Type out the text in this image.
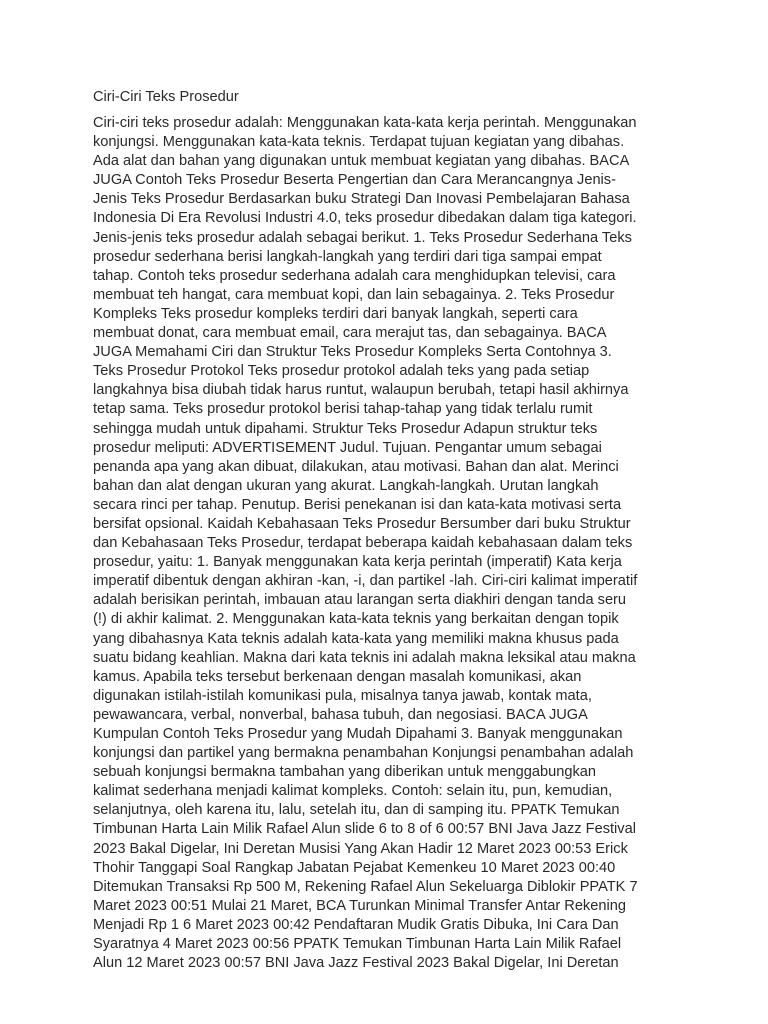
Ciri-Ciri Teks Prosedur
Ciri-ciri teks prosedur adalah: Menggunakan kata-kata kerja perintah. Menggunakan
konjungsi. Menggunakan kata-kata teknis. Terdapat tujuan kegiatan yang dibahas.
Ada alat dan bahan yang digunakan untuk membuat kegiatan yang dibahas. BACA
JUGA Contoh Teks Prosedur Beserta Pengertian dan Cara Merancangnya Jenis-
Jenis Teks Prosedur Berdasarkan buku Strategi Dan Inovasi Pembelajaran Bahasa
Indonesia Di Era Revolusi Industri 4.0, teks prosedur dibedakan dalam tiga kategori.
Jenis-jenis teks prosedur adalah sebagai berikut. 1. Teks Prosedur Sederhana Teks
prosedur sederhana berisi langkah-langkah yang terdiri dari tiga sampai empat
tahap. Contoh teks prosedur sederhana adalah cara menghidupkan televisi, cara
membuat teh hangat, cara membuat kopi, dan lain sebagainya. 2. Teks Prosedur
Kompleks Teks prosedur kompleks terdiri dari banyak langkah, seperti cara
membuat donat, cara membuat email, cara merajut tas, dan sebagainya. BACA
JUGA Memahami Ciri dan Struktur Teks Prosedur Kompleks Serta Contohnya 3.
Teks Prosedur Protokol Teks prosedur protokol adalah teks yang pada setiap
langkahnya bisa diubah tidak harus runtut, walaupun berubah, tetapi hasil akhirnya
tetap sama. Teks prosedur protokol berisi tahap-tahap yang tidak terlalu rumit
sehingga mudah untuk dipahami. Struktur Teks Prosedur Adapun struktur teks
prosedur meliputi: ADVERTISEMENT Judul. Tujuan. Pengantar umum sebagai
penanda apa yang akan dibuat, dilakukan, atau motivasi. Bahan dan alat. Merinci
bahan dan alat dengan ukuran yang akurat. Langkah-langkah. Urutan langkah
secara rinci per tahap. Penutup. Berisi penekanan isi dan kata-kata motivasi serta
bersifat opsional. Kaidah Kebahasaan Teks Prosedur Bersumber dari buku Struktur
dan Kebahasaan Teks Prosedur, terdapat beberapa kaidah kebahasaan dalam teks
prosedur, yaitu: 1. Banyak menggunakan kata kerja perintah (imperatif) Kata kerja
imperatif dibentuk dengan akhiran -kan, -i, dan partikel -lah. Ciri-ciri kalimat imperatif
adalah berisikan perintah, imbauan atau larangan serta diakhiri dengan tanda seru
(!) di akhir kalimat. 2. Menggunakan kata-kata teknis yang berkaitan dengan topik
yang dibahasnya Kata teknis adalah kata-kata yang memiliki makna khusus pada
suatu bidang keahlian. Makna dari kata teknis ini adalah makna leksikal atau makna
kamus. Apabila teks tersebut berkenaan dengan masalah komunikasi, akan
digunakan istilah-istilah komunikasi pula, misalnya tanya jawab, kontak mata,
pewawancara, verbal, nonverbal, bahasa tubuh, dan negosiasi. BACA JUGA
Kumpulan Contoh Teks Prosedur yang Mudah Dipahami 3. Banyak menggunakan
konjungsi dan partikel yang bermakna penambahan Konjungsi penambahan adalah
sebuah konjungsi bermakna tambahan yang diberikan untuk menggabungkan
kalimat sederhana menjadi kalimat kompleks. Contoh: selain itu, pun, kemudian,
selanjutnya, oleh karena itu, lalu, setelah itu, dan di samping itu. PPATK Temukan
Timbunan Harta Lain Milik Rafael Alun slide 6 to 8 of 6 00:57 BNI Java Jazz Festival
2023 Bakal Digelar, Ini Deretan Musisi Yang Akan Hadir 12 Maret 2023 00:53 Erick
Thohir Tanggapi Soal Rangkap Jabatan Pejabat Kemenkeu 10 Maret 2023 00:40
Ditemukan Transaksi Rp 500 M, Rekening Rafael Alun Sekeluarga Diblokir PPATK 7
Maret 2023 00:51 Mulai 21 Maret, BCA Turunkan Minimal Transfer Antar Rekening
Menjadi Rp 1 6 Maret 2023 00:42 Pendaftaran Mudik Gratis Dibuka, Ini Cara Dan
Syaratnya 4 Maret 2023 00:56 PPATK Temukan Timbunan Harta Lain Milik Rafael
Alun 12 Maret 2023 00:57 BNI Java Jazz Festival 2023 Bakal Digelar, Ini Deretan
